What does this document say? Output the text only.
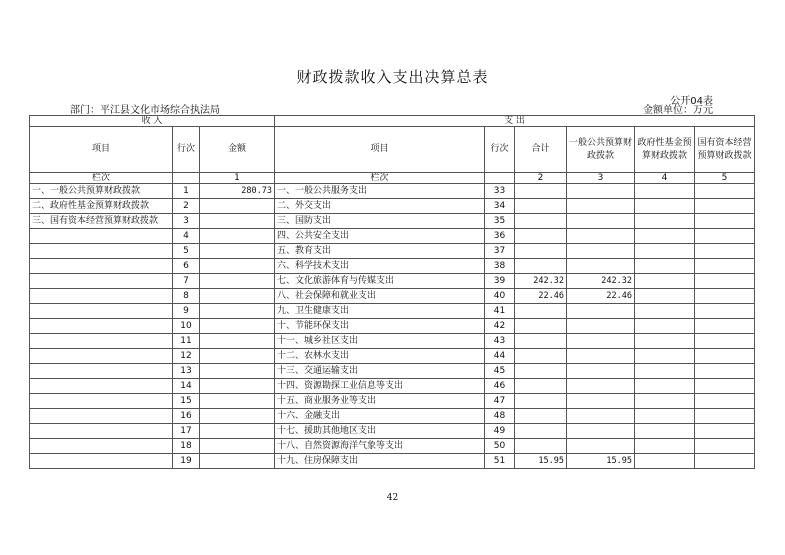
财政拨款收入支出决算总表
公开04表
部门：平江县文化市场综合执法局	金额单位：万元
收 入			支 出					
项目	行次	金额	项目	行次	合计	一般公共预算财政拨款	政府性基金预算财政拨款	国有资本经营预算财政拨款
栏次		1	栏次		2	3	4	5
一、一般公共预算财政拨款	1	280.73	一、一般公共服务支出	33				
二、政府性基金预算财政拨款	2		二、外交支出	34				
三、国有资本经营预算财政拨款	3		三、国防支出	35				
	4		四、公共安全支出	36				
	5		五、教育支出	37				
	6		六、科学技术支出	38				
	7		七、文化旅游体育与传媒支出	39	242.32	242.32		
	8		八、社会保障和就业支出	40	22.46	22.46		
	9		九、卫生健康支出	41				
	10		十、节能环保支出	42				
	11		十一、城乡社区支出	43				
	12		十二、农林水支出	44				
	13		十三、交通运输支出	45				
	14		十四、资源勘探工业信息等支出	46				
	15		十五、商业服务业等支出	47				
	16		十六、金融支出	48				
	17		十七、援助其他地区支出	49				
	18		十八、自然资源海洋气象等支出	50				
	19		十九、住房保障支出	51	15.95	15.95		
42
